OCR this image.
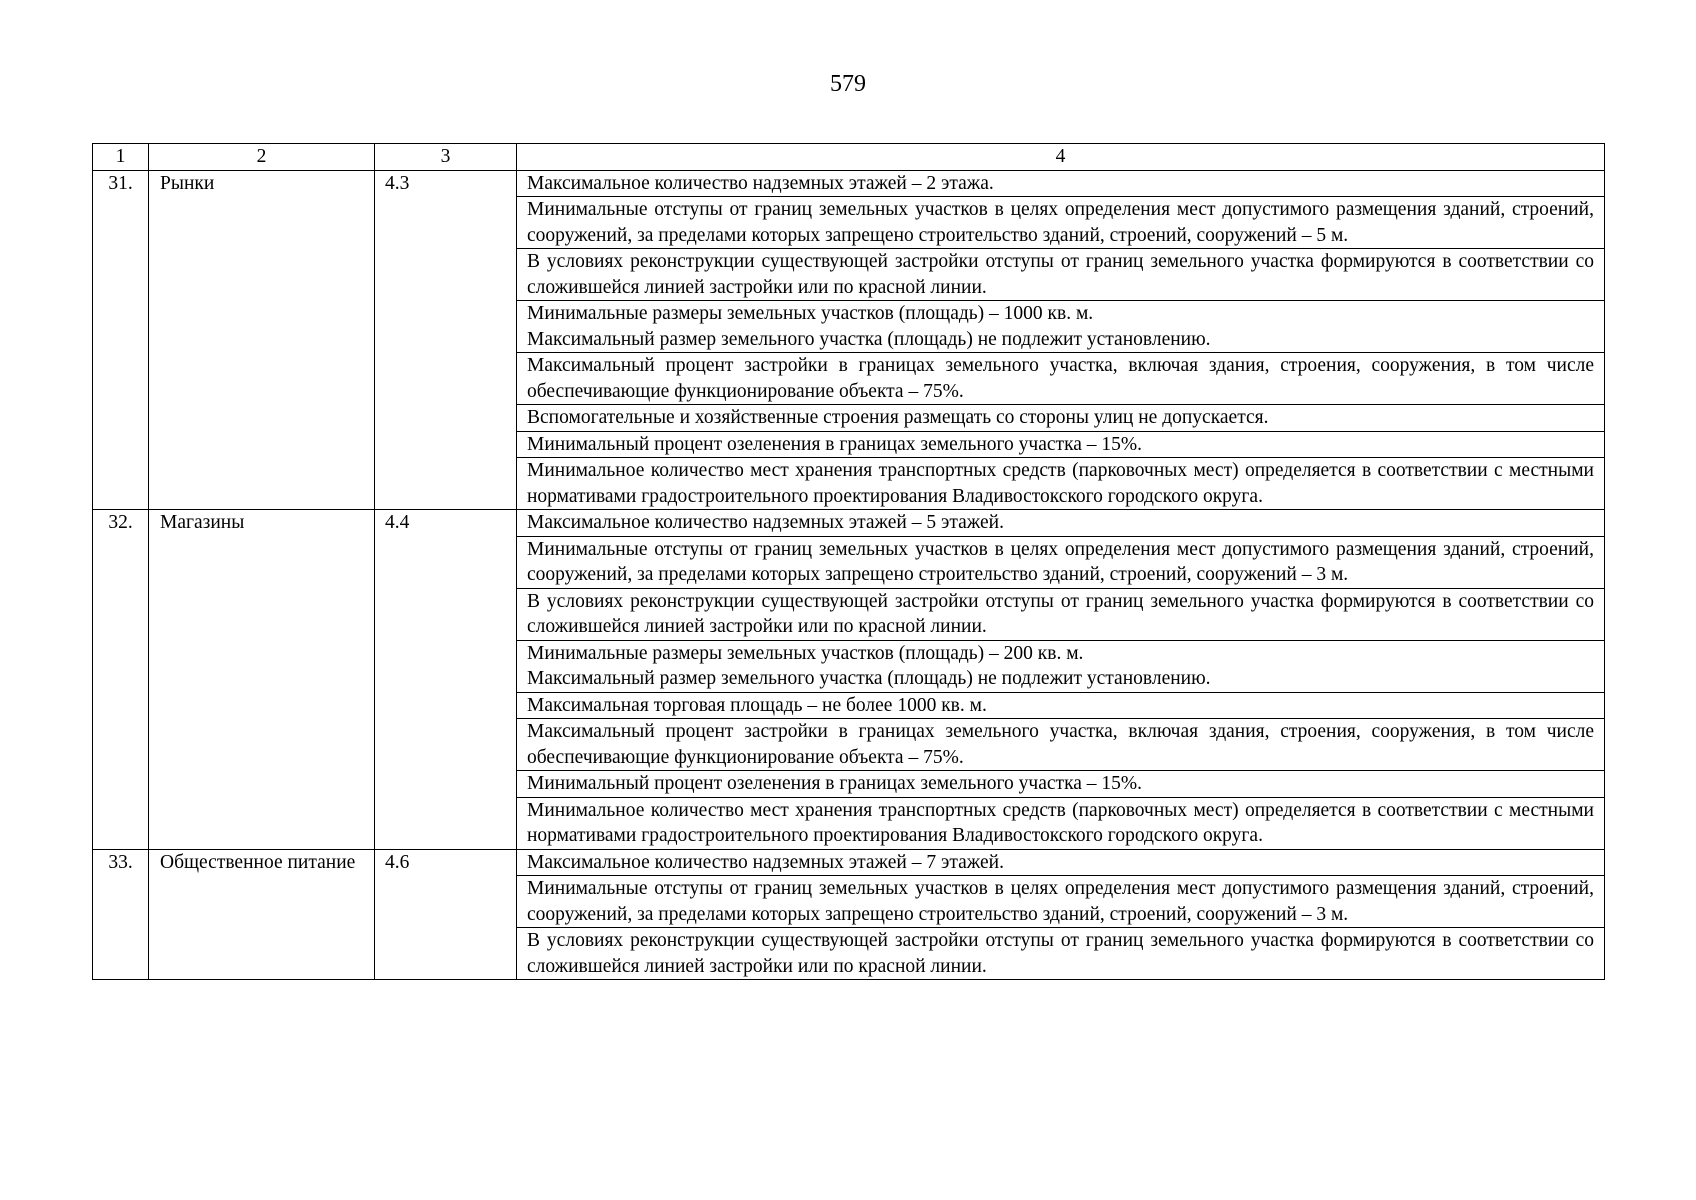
579
1	2	3	4
31.	Рынки	4.3	Максимальное количество надземных этажей – 2 этажа.
			Минимальные отступы от границ земельных участков в целях определения мест допустимого размещения зданий, строений, сооружений, за пределами которых запрещено строительство зданий, строений, сооружений – 5 м.
			В условиях реконструкции существующей застройки отступы от границ земельного участка формируются в соответствии со сложившейся линией застройки или по красной линии.
			Минимальные размеры земельных участков (площадь) – 1000 кв. м.
Максимальный размер земельного участка (площадь) не подлежит установлению.
			Максимальный процент застройки в границах земельного участка, включая здания, строения, сооружения, в том числе обеспечивающие функционирование объекта – 75%.
			Вспомогательные и хозяйственные строения размещать со стороны улиц не допускается.
			Минимальный процент озеленения в границах земельного участка – 15%.
			Минимальное количество мест хранения транспортных средств (парковочных мест) определяется в соответствии с местными нормативами градостроительного проектирования Владивостокского городского округа.
32.	Магазины	4.4	Максимальное количество надземных этажей – 5 этажей.
			Минимальные отступы от границ земельных участков в целях определения мест допустимого размещения зданий, строений, сооружений, за пределами которых запрещено строительство зданий, строений, сооружений – 3 м.
			В условиях реконструкции существующей застройки отступы от границ земельного участка формируются в соответствии со сложившейся линией застройки или по красной линии.
			Минимальные размеры земельных участков (площадь) – 200 кв. м.
Максимальный размер земельного участка (площадь) не подлежит установлению.
			Максимальная торговая площадь – не более 1000 кв. м.
			Максимальный процент застройки в границах земельного участка, включая здания, строения, сооружения, в том числе обеспечивающие функционирование объекта – 75%.
			Минимальный процент озеленения в границах земельного участка – 15%.
			Минимальное количество мест хранения транспортных средств (парковочных мест) определяется в соответствии с местными нормативами градостроительного проектирования Владивостокского городского округа.
33.	Общественное питание	4.6	Максимальное количество надземных этажей – 7 этажей.
			Минимальные отступы от границ земельных участков в целях определения мест допустимого размещения зданий, строений, сооружений, за пределами которых запрещено строительство зданий, строений, сооружений – 3 м.
			В условиях реконструкции существующей застройки отступы от границ земельного участка формируются в соответствии со сложившейся линией застройки или по красной линии.
